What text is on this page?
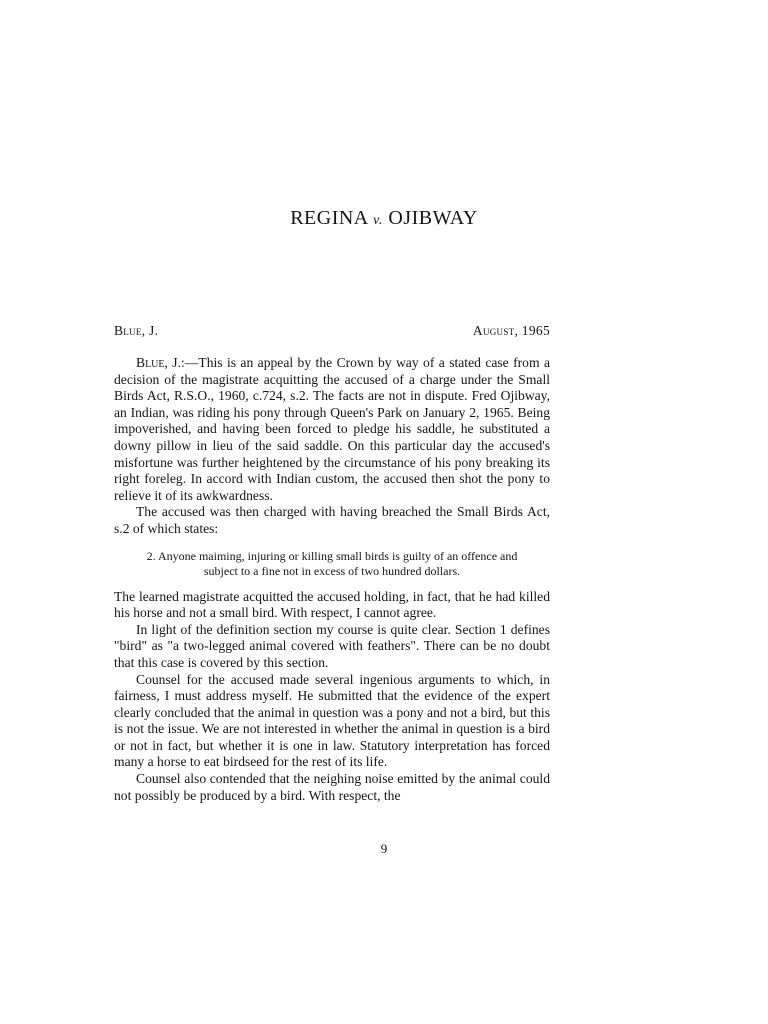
REGINA v. OJIBWAY
Blue, J.	August, 1965

Blue, J.:—This is an appeal by the Crown by way of a stated case from a decision of the magistrate acquitting the accused of a charge under the Small Birds Act, R.S.O., 1960, c.724, s.2. The facts are not in dispute. Fred Ojibway, an Indian, was riding his pony through Queen's Park on January 2, 1965. Being impoverished, and having been forced to pledge his saddle, he substituted a downy pillow in lieu of the said saddle. On this particular day the accused's misfortune was further heightened by the circumstance of his pony breaking its right foreleg. In accord with Indian custom, the accused then shot the pony to relieve it of its awkwardness.

The accused was then charged with having breached the Small Birds Act, s.2 of which states:

2. Anyone maiming, injuring or killing small birds is guilty of an offence and subject to a fine not in excess of two hundred dollars.

The learned magistrate acquitted the accused holding, in fact, that he had killed his horse and not a small bird. With respect, I cannot agree.

In light of the definition section my course is quite clear. Section 1 defines "bird" as "a two-legged animal covered with feathers". There can be no doubt that this case is covered by this section.

Counsel for the accused made several ingenious arguments to which, in fairness, I must address myself. He submitted that the evidence of the expert clearly concluded that the animal in question was a pony and not a bird, but this is not the issue. We are not interested in whether the animal in question is a bird or not in fact, but whether it is one in law. Statutory interpretation has forced many a horse to eat birdseed for the rest of its life.

Counsel also contended that the neighing noise emitted by the animal could not possibly be produced by a bird. With respect, the

9
